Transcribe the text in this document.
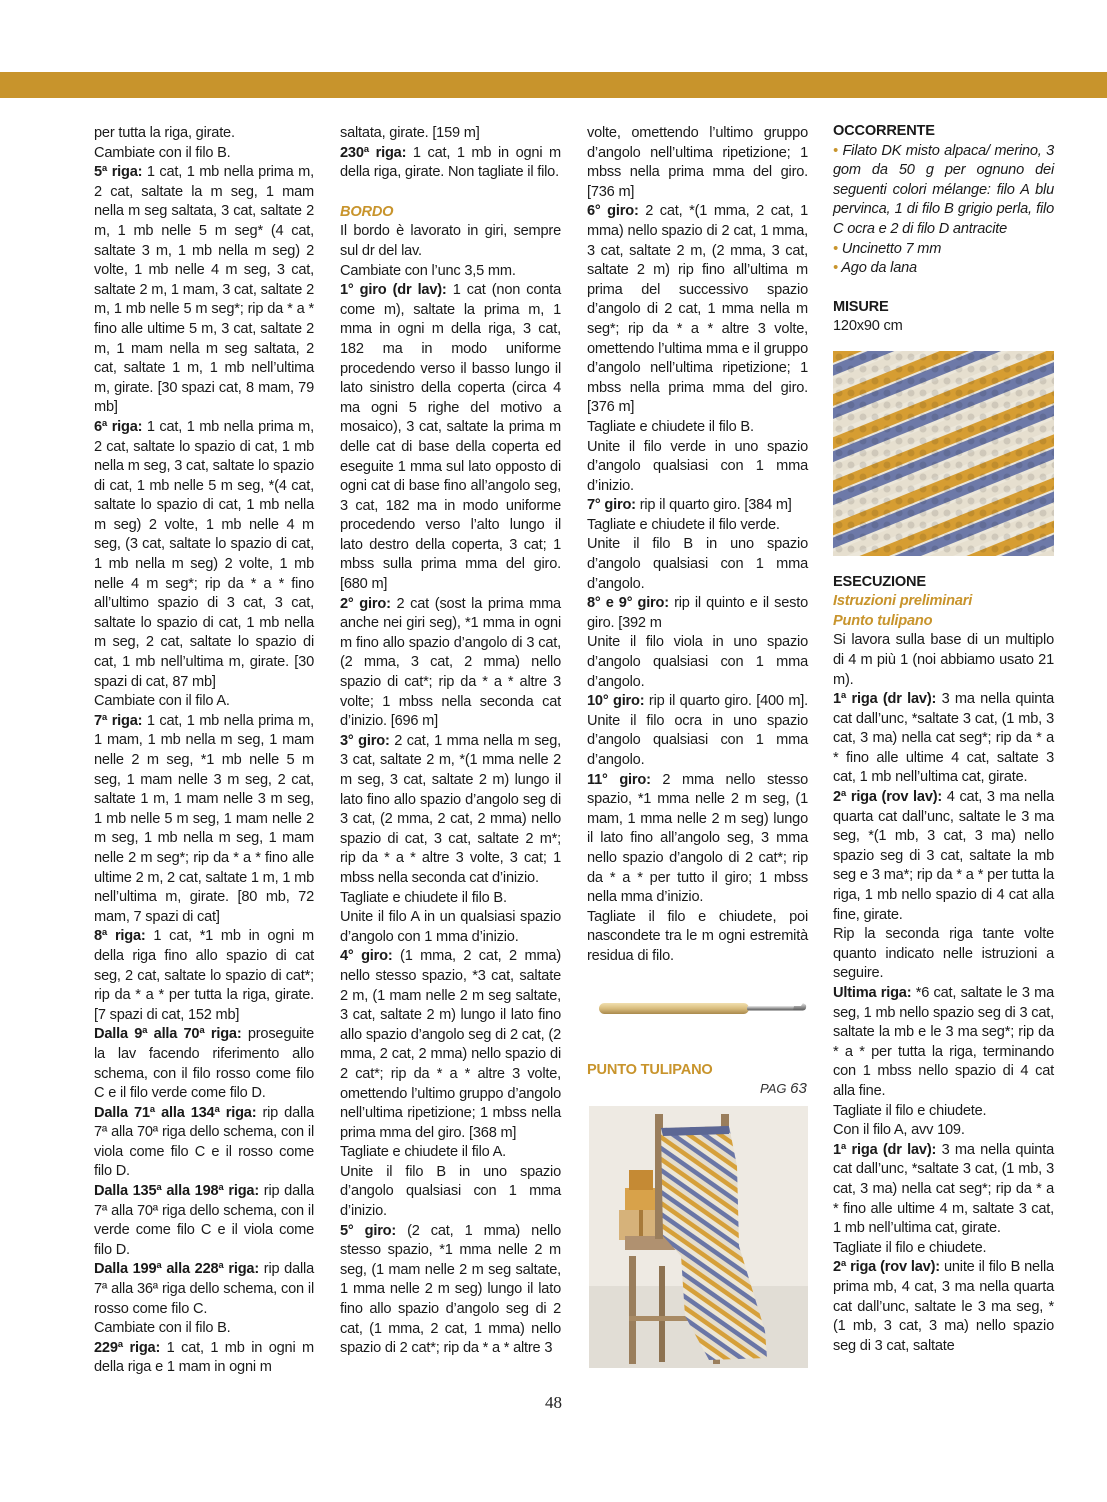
per tutta la riga, girate.

Cambiate con il filo B.

5ª riga: 1 cat, 1 mb nella prima m, 2 cat, saltate la m seg, 1 mam nella m seg saltata, 3 cat, saltate 2 m, 1 mb nelle 5 m seg* (4 cat, saltate 3 m, 1 mb nella m seg) 2 volte, 1 mb nelle 4 m seg, 3 cat, saltate 2 m, 1 mam, 3 cat, saltate 2 m, 1 mb nelle 5 m seg*; rip da * a * fino alle ultime 5 m, 3 cat, saltate 2 m, 1 mam nella m seg saltata, 2 cat, saltate 1 m, 1 mb nell’ultima m, girate. [30 spazi cat, 8 mam, 79 mb]

6ª riga: 1 cat, 1 mb nella prima m, 2 cat, saltate lo spazio di cat, 1 mb nella m seg, 3 cat, saltate lo spazio di cat, 1 mb nelle 5 m seg, *(4 cat, saltate lo spazio di cat, 1 mb nella m seg) 2 volte, 1 mb nelle 4 m seg, (3 cat, saltate lo spazio di cat, 1 mb nella m seg) 2 volte, 1 mb nelle 4 m seg*; rip da * a * fino all’ultimo spazio di 3 cat, 3 cat, saltate lo spazio di cat, 1 mb nella m seg, 2 cat, saltate lo spazio di cat, 1 mb nell’ultima m, girate. [30 spazi di cat, 87 mb]

Cambiate con il filo A.

7ª riga: 1 cat, 1 mb nella prima m, 1 mam, 1 mb nella m seg, 1 mam nelle 2 m seg, *1 mb nelle 5 m seg, 1 mam nelle 3 m seg, 2 cat, saltate 1 m, 1 mam nelle 3 m seg, 1 mb nelle 5 m seg, 1 mam nelle 2 m seg, 1 mb nella m seg, 1 mam nelle 2 m seg*; rip da * a * fino alle ultime 2 m, 2 cat, saltate 1 m, 1 mb nell’ultima m, girate. [80 mb, 72 mam, 7 spazi di cat]

8ª riga: 1 cat, *1 mb in ogni m della riga fino allo spazio di cat seg, 2 cat, saltate lo spazio di cat*; rip da * a * per tutta la riga, girate. [7 spazi di cat, 152 mb]

Dalla 9ª alla 70ª riga: proseguite la lav facendo riferimento allo schema, con il filo rosso come filo C e il filo verde come filo D.

Dalla 71ª alla 134ª riga: rip dalla 7ª alla 70ª riga dello schema, con il viola come filo C e il rosso come filo D.

Dalla 135ª alla 198ª riga: rip dalla 7ª alla 70ª riga dello schema, con il verde come filo C e il viola come filo D.

Dalla 199ª alla 228ª riga: rip dalla 7ª alla 36ª riga dello schema, con il rosso come filo C.

Cambiate con il filo B.

229ª riga: 1 cat, 1 mb in ogni m della riga e 1 mam in ogni m

saltata, girate. [159 m]

230ª riga: 1 cat, 1 mb in ogni m della riga, girate. Non tagliate il filo.

BORDO

Il bordo è lavorato in giri, sempre sul dr del lav.

Cambiate con l’unc 3,5 mm.

1° giro (dr lav): 1 cat (non conta come m), saltate la prima m, 1 mma in ogni m della riga, 3 cat, 182 ma in modo uniforme procedendo verso il basso lungo il lato sinistro della coperta (circa 4 ma ogni 5 righe del motivo a mosaico), 3 cat, saltate la prima m delle cat di base della coperta ed eseguite 1 mma sul lato opposto di ogni cat di base fino all’angolo seg, 3 cat, 182 ma in modo uniforme procedendo verso l’alto lungo il lato destro della coperta, 3 cat; 1 mbss sulla prima mma del giro. [680 m]

2° giro: 2 cat (sost la prima mma anche nei giri seg), *1 mma in ogni m fino allo spazio d’angolo di 3 cat, (2 mma, 3 cat, 2 mma) nello spazio di cat*; rip da * a * altre 3 volte; 1 mbss nella seconda cat d’inizio. [696 m]

3° giro: 2 cat, 1 mma nella m seg, 3 cat, saltate 2 m, *(1 mma nelle 2 m seg, 3 cat, saltate 2 m) lungo il lato fino allo spazio d’angolo seg di 3 cat, (2 mma, 2 cat, 2 mma) nello spazio di cat, 3 cat, saltate 2 m*; rip da * a * altre 3 volte, 3 cat; 1 mbss nella seconda cat d’inizio.

Tagliate e chiudete il filo B.

Unite il filo A in un qualsiasi spazio d’angolo con 1 mma d’inizio.

4° giro: (1 mma, 2 cat, 2 mma) nello stesso spazio, *3 cat, saltate 2 m, (1 mam nelle 2 m seg saltate, 3 cat, saltate 2 m) lungo il lato fino allo spazio d’angolo seg di 2 cat, (2 mma, 2 cat, 2 mma) nello spazio di 2 cat*; rip da * a * altre 3 volte, omettendo l’ultimo gruppo d’angolo nell’ultima ripetizione; 1 mbss nella prima mma del giro. [368 m]

Tagliate e chiudete il filo A.

Unite il filo B in uno spazio d’angolo qualsiasi con 1 mma d’inizio.

5° giro: (2 cat, 1 mma) nello stesso spazio, *1 mma nelle 2 m seg, (1 mam nelle 2 m seg saltate, 1 mma nelle 2 m seg) lungo il lato fino allo spazio d’angolo seg di 2 cat, (1 mma, 2 cat, 1 mma) nello spazio di 2 cat*; rip da * a * altre 3

volte, omettendo l’ultimo gruppo d’angolo nell’ultima ripetizione; 1 mbss nella prima mma del giro. [736 m]

6° giro: 2 cat, *(1 mma, 2 cat, 1 mma) nello spazio di 2 cat, 1 mma, 3 cat, saltate 2 m, (2 mma, 3 cat, saltate 2 m) rip fino all’ultima m prima del successivo spazio d’angolo di 2 cat, 1 mma nella m seg*; rip da * a * altre 3 volte, omettendo l’ultima mma e il gruppo d’angolo nell’ultima ripetizione; 1 mbss nella prima mma del giro. [376 m]

Tagliate e chiudete il filo B.

Unite il filo verde in uno spazio d’angolo qualsiasi con 1 mma d’inizio.

7° giro: rip il quarto giro. [384 m]

Tagliate e chiudete il filo verde.

Unite il filo B in uno spazio d’angolo qualsiasi con 1 mma d’angolo.

8° e 9° giro: rip il quinto e il sesto giro. [392 m

Unite il filo viola in uno spazio d’angolo qualsiasi con 1 mma d’angolo.

10° giro: rip il quarto giro. [400 m]. Unite il filo ocra in uno spazio d’angolo qualsiasi con 1 mma d’angolo.

11° giro: 2 mma nello stesso spazio, *1 mma nelle 2 m seg, (1 mam, 1 mma nelle 2 m seg) lungo il lato fino all’angolo seg, 3 mma nello spazio d’angolo di 2 cat*; rip da * a * per tutto il giro; 1 mbss nella mma d’inizio.

Tagliate il filo e chiudete, poi nascondete tra le m ogni estremità residua di filo.

PUNTO TULIPANO
PAG 63

OCCORRENTE

• Filato DK misto alpaca/ merino, 3 gom da 50 g per ognuno dei seguenti colori mélange: filo A blu pervinca, 1 di filo B grigio perla, filo C ocra e 2 di filo D antracite

• Uncinetto 7 mm

• Ago da lana

MISURE

120x90 cm

ESECUZIONE

Istruzioni preliminari

Punto tulipano

Si lavora sulla base di un multiplo di 4 m più 1 (noi abbiamo usato 21 m).

1ª riga (dr lav): 3 ma nella quinta cat dall’unc, *saltate 3 cat, (1 mb, 3 cat, 3 ma) nella cat seg*; rip da * a * fino alle ultime 4 cat, saltate 3 cat, 1 mb nell’ultima cat, girate.

2ª riga (rov lav): 4 cat, 3 ma nella quarta cat dall’unc, saltate le 3 ma seg, *(1 mb, 3 cat, 3 ma) nello spazio seg di 3 cat, saltate la mb seg e 3 ma*; rip da * a * per tutta la riga, 1 mb nello spazio di 4 cat alla fine, girate.

Rip la seconda riga tante volte quanto indicato nelle istruzioni a seguire.

Ultima riga: *6 cat, saltate le 3 ma seg, 1 mb nello spazio seg di 3 cat, saltate la mb e le 3 ma seg*; rip da * a * per tutta la riga, terminando con 1 mbss nello spazio di 4 cat alla fine.

Tagliate il filo e chiudete.

Con il filo A, avv 109.

1ª riga (dr lav): 3 ma nella quinta cat dall’unc, *saltate 3 cat, (1 mb, 3 cat, 3 ma) nella cat seg*; rip da * a * fino alle ultime 4 m, saltate 3 cat, 1 mb nell’ultima cat, girate.

Tagliate il filo e chiudete.

2ª riga (rov lav): unite il filo B nella prima mb, 4 cat, 3 ma nella quarta cat dall’unc, saltate le 3 ma seg, *(1 mb, 3 cat, 3 ma) nello spazio seg di 3 cat, saltate

48
